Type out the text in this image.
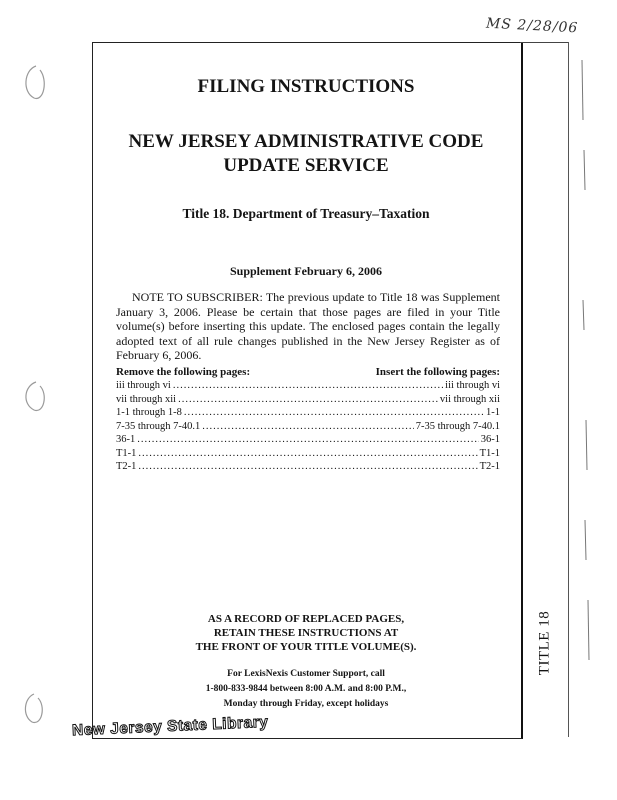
MS 2/28/06
TITLE 18
FILING INSTRUCTIONS
NEW JERSEY ADMINISTRATIVE CODE
UPDATE SERVICE
Title 18. Department of Treasury–Taxation
Supplement February 6, 2006

NOTE TO SUBSCRIBER: The previous update to Title 18 was Supplement January 3, 2006. Please be certain that those pages are filed in your Title volume(s) before inserting this update. The enclosed pages contain the legally adopted text of all rule changes published in the New Jersey Register as of February 6, 2006.

Remove the following pages:	Insert the following pages:
iii through vi .....	iii through vi
vii through xii .....	vii through xii
1-1 through 1-8 .....	1-1
7-35 through 7-40.1 .....	7-35 through 7-40.1
36-1 .....	36-1
T1-1 .....	T1-1
T2-1 .....	T2-1
AS A RECORD OF REPLACED PAGES,
RETAIN THESE INSTRUCTIONS AT
THE FRONT OF YOUR TITLE VOLUME(S).
For LexisNexis Customer Support, call
1-800-833-9844 between 8:00 A.M. and 8:00 P.M.,
Monday through Friday, except holidays
New Jersey State Library
